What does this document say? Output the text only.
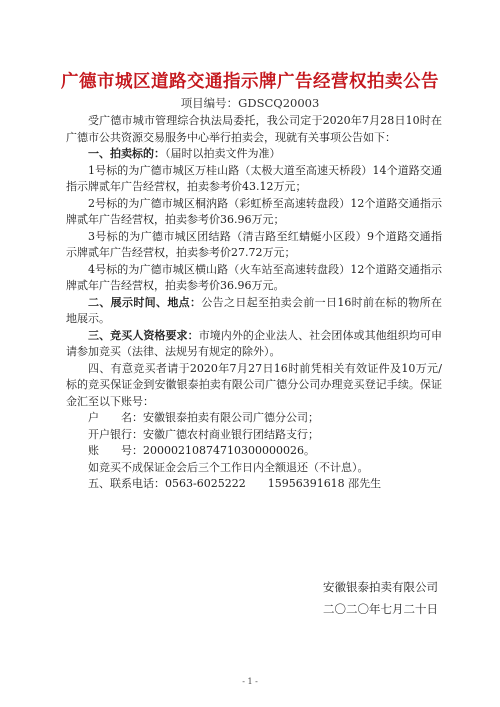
广德市城区道路交通指示牌广告经营权拍卖公告
项目编号：GDSCQ20003

受广德市城市管理综合执法局委托，我公司定于2020年7月28日10时在广德市公共资源交易服务中心举行拍卖会，现就有关事项公告如下：

一、拍卖标的：（届时以拍卖文件为准）

1号标的为广德市城区万桂山路（太极大道至高速天桥段）14个道路交通指示牌贰年广告经营权，拍卖参考价43.12万元；

2号标的为广德市城区桐汭路（彩虹桥至高速转盘段）12个道路交通指示牌贰年广告经营权，拍卖参考价36.96万元；

3号标的为广德市城区团结路（清吉路至红蜻蜓小区段）9个道路交通指示牌贰年广告经营权，拍卖参考价27.72万元；

4号标的为广德市城区横山路（火车站至高速转盘段）12个道路交通指示牌贰年广告经营权，拍卖参考价36.96万元。

二、展示时间、地点：公告之日起至拍卖会前一日16时前在标的物所在地展示。

三、竞买人资格要求：市境内外的企业法人、社会团体或其他组织均可申请参加竞买（法律、法规另有规定的除外）。

四、有意竞买者请于2020年7月27日16时前凭相关有效证件及10万元/标的竞买保证金到安徽银泰拍卖有限公司广德分公司办理竞买登记手续。保证金汇至以下账号：

户　　名：安徽银泰拍卖有限公司广德分公司；

开户银行：安徽广德农村商业银行团结路支行；

账　　号：20000210874710300000026。

如竞买不成保证金会后三个工作日内全额退还（不计息）。

五、联系电话：0563-6025222　　15956391618 邵先生

安徽银泰拍卖有限公司
二〇二〇年七月二十日
- 1 -
